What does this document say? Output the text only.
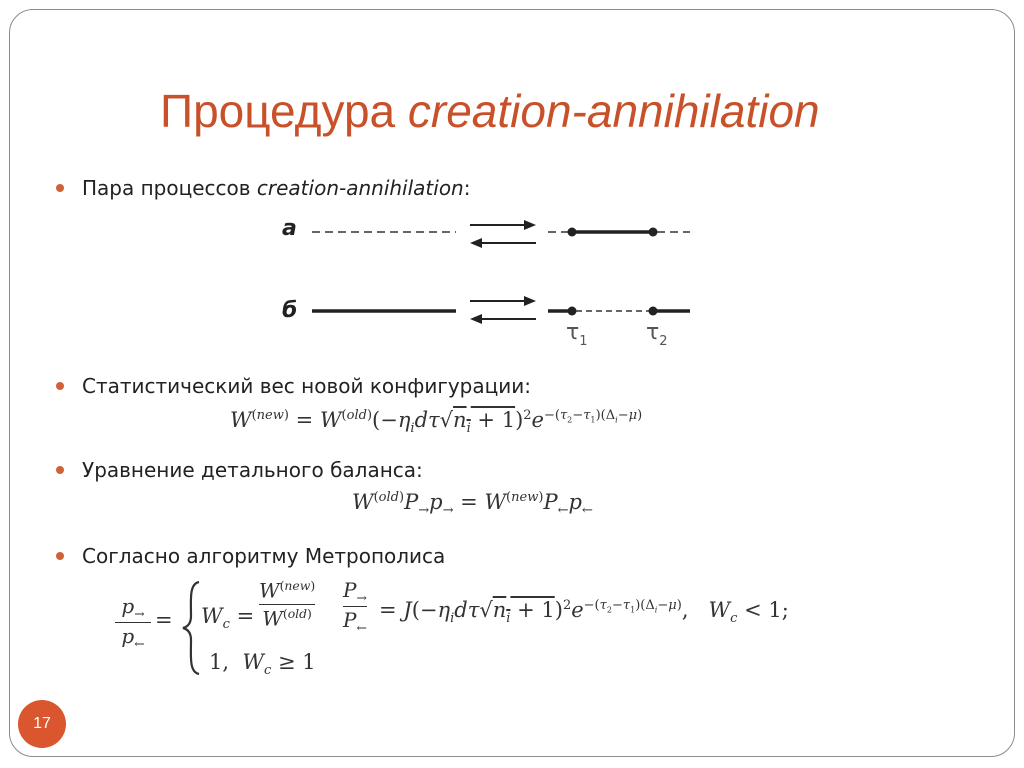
Процедура creation-annihilation
Пара процессов creation-annihilation:
а
б
$\tau_1$	$\tau_2$
Статистический вес новой конфигурации:
$W^{(new)} = W^{(old)}(-\eta_id\tau√n_i + 1)^2e^{-(\tau_2-\tau_1)(\Delta_i-\mu)}$
Уравнение детального баланса:
$W^{(old)}P_\to p_\to = W^{(new)}P_\leftarrow p_\leftarrow$
Согласно алгоритму Метрополиса
$p_\to$
$p_\leftarrow$
= $W_c$ =
$W^{(new)}$
$W^{(old)}$
$P_\to$
$P_\leftarrow$
= $J(-\eta_id\tau√n_i + 1)^2e^{-(\tau_2-\tau_1)(\Delta_i-\mu)}$,   $W_c < 1$;
1,  $W_c \ge 1$
17
